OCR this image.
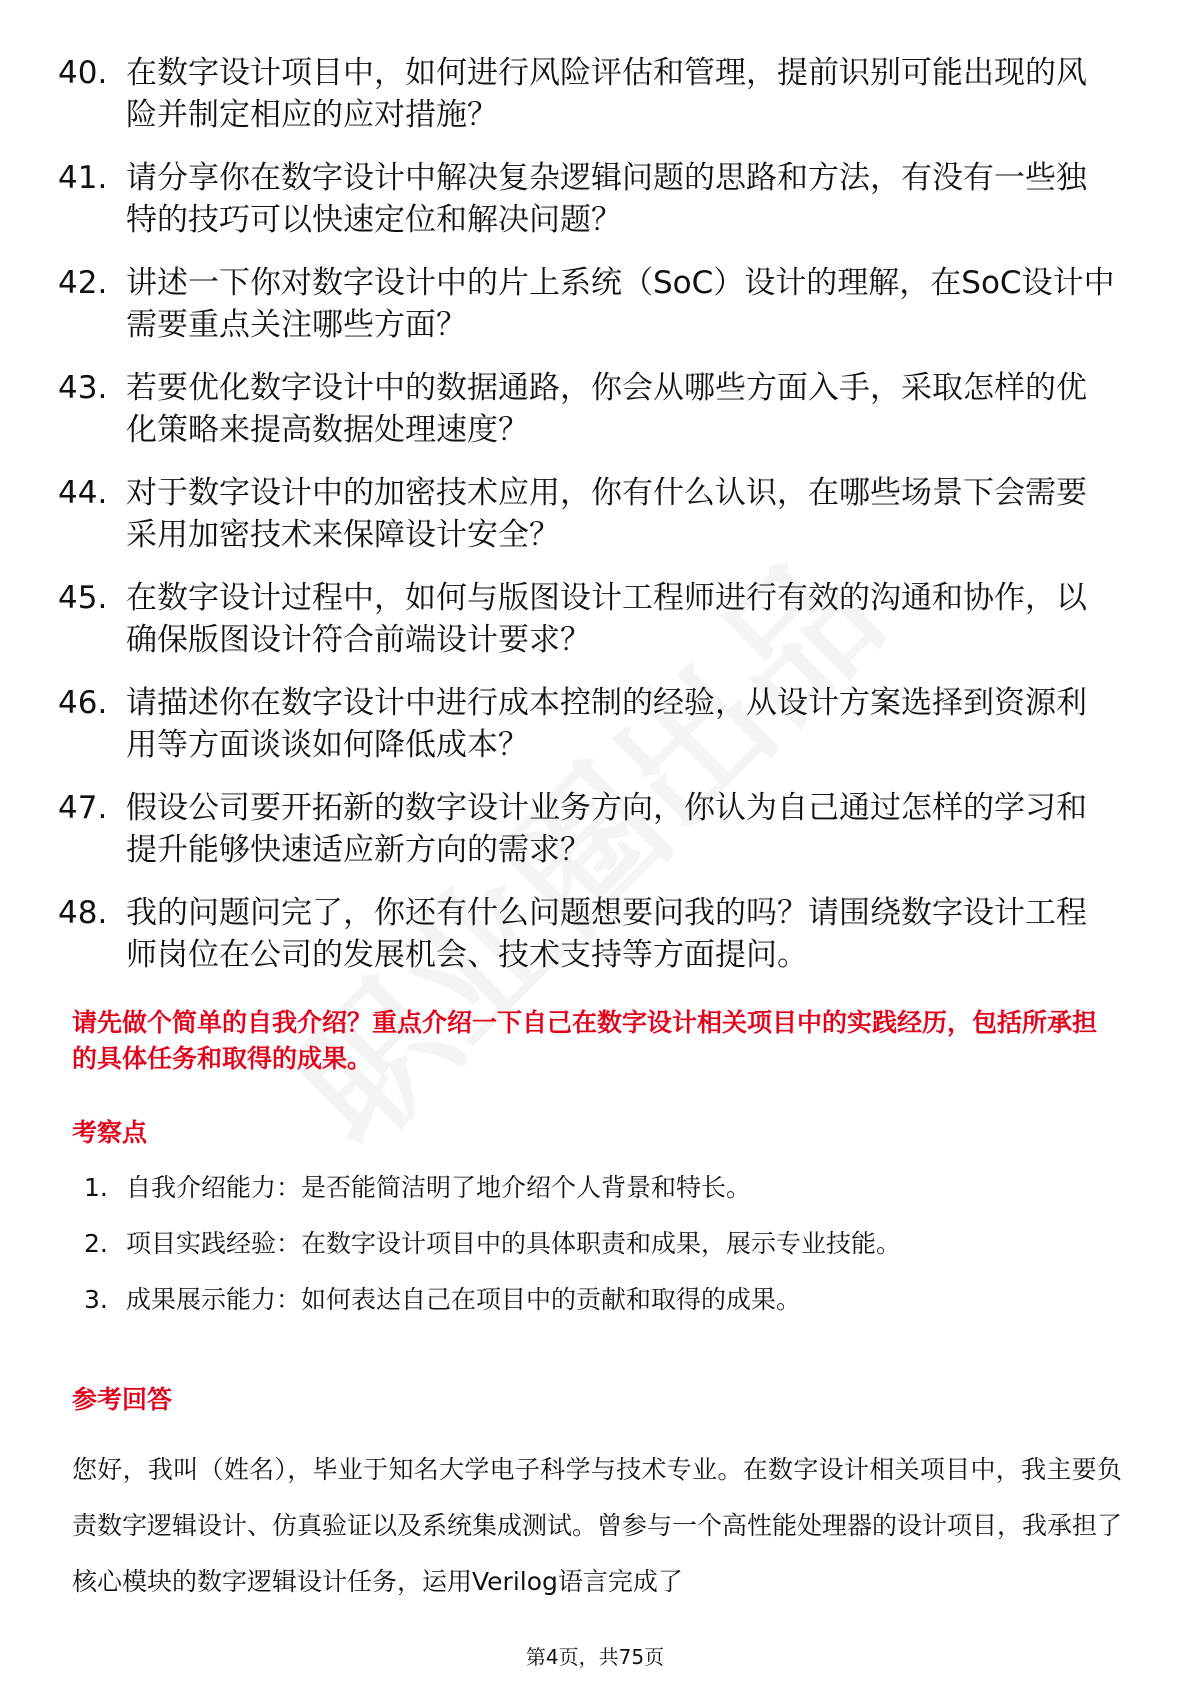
40. 在数字设计项目中，如何进行风险评估和管理，提前识别可能出现的风险并制定相应的应对措施？
41. 请分享你在数字设计中解决复杂逻辑问题的思路和方法，有没有一些独特的技巧可以快速定位和解决问题？
42. 讲述一下你对数字设计中的片上系统（SoC）设计的理解，在SoC设计中需要重点关注哪些方面？
43. 若要优化数字设计中的数据通路，你会从哪些方面入手，采取怎样的优化策略来提高数据处理速度？
44. 对于数字设计中的加密技术应用，你有什么认识，在哪些场景下会需要采用加密技术来保障设计安全？
45. 在数字设计过程中，如何与版图设计工程师进行有效的沟通和协作，以确保版图设计符合前端设计要求？
46. 请描述你在数字设计中进行成本控制的经验，从设计方案选择到资源利用等方面谈谈如何降低成本？
47. 假设公司要开拓新的数字设计业务方向，你认为自己通过怎样的学习和提升能够快速适应新方向的需求？
48. 我的问题问完了，你还有什么问题想要问我的吗？请围绕数字设计工程师岗位在公司的发展机会、技术支持等方面提问。
请先做个简单的自我介绍？重点介绍一下自己在数字设计相关项目中的实践经历，包括所承担的具体任务和取得的成果。
考察点
1. 自我介绍能力：是否能简洁明了地介绍个人背景和特长。
2. 项目实践经验：在数字设计项目中的具体职责和成果，展示专业技能。
3. 成果展示能力：如何表达自己在项目中的贡献和取得的成果。
参考回答
您好，我叫（姓名），毕业于知名大学电子科学与技术专业。在数字设计相关项目中，我主要负责数字逻辑设计、仿真验证以及系统集成测试。曾参与一个高性能处理器的设计项目，我承担了核心模块的数字逻辑设计任务，运用Verilog语言完成了
第4页，共75页
